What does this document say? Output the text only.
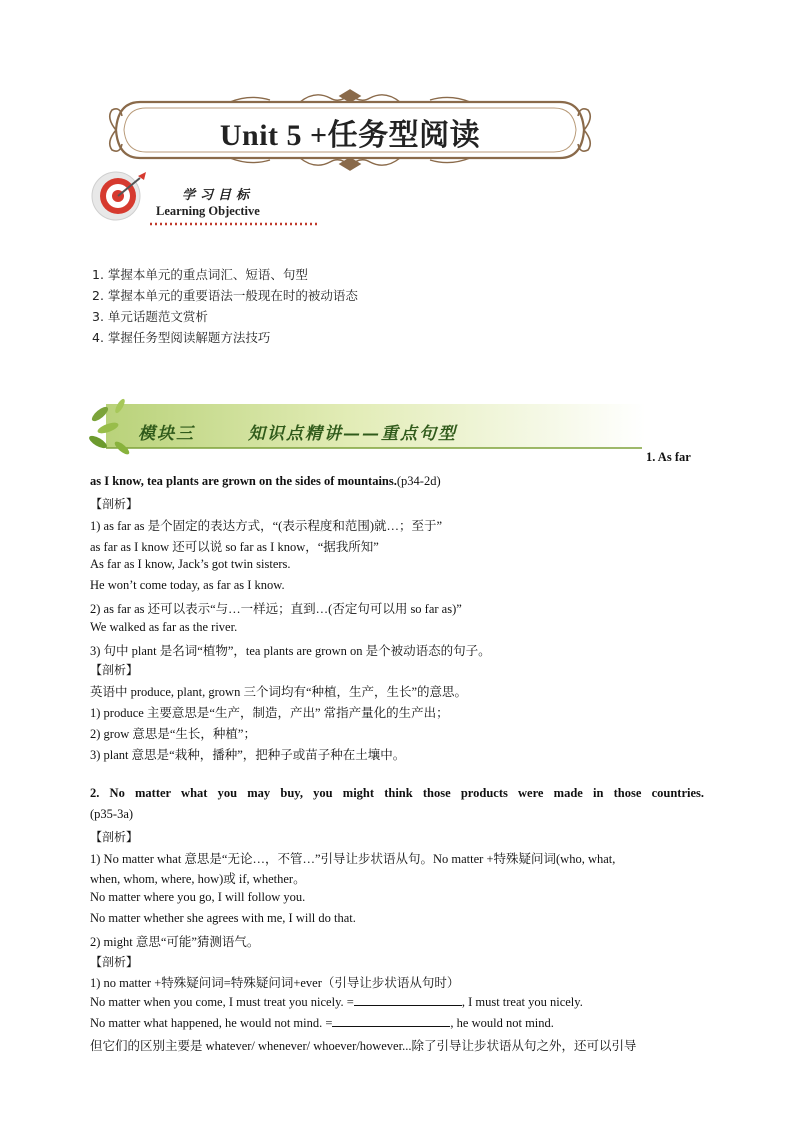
Unit 5 +任务型阅读
学习目标
Learning Objective
1. 掌握本单元的重点词汇、短语、句型
2. 掌握本单元的重要语法一般现在时的被动语态
3. 单元话题范文赏析
4. 掌握任务型阅读解题方法技巧
模块三	知识点精讲——重点句型
1. As far
as I know, tea plants are grown on the sides of mountains.(p34-2d)
【剖析】
1) as far as 是个固定的表达方式，“(表示程度和范围)就…；至于”
as far as I know 还可以说 so far as I know，“据我所知”
As far as I know, Jack’s got twin sisters.
He won’t come today, as far as I know.
2) as far as 还可以表示“与…一样远；直到…(否定句可以用 so far as)”
We walked as far as the river.
3) 句中 plant 是名词“植物”，tea plants are grown on 是个被动语态的句子。
【剖析】
英语中 produce, plant, grown 三个词均有“种植，生产，生长”的意思。
1) produce 主要意思是“生产，制造，产出” 常指产量化的生产出；
2) grow 意思是“生长，种植”；
3) plant 意思是“栽种，播种”，把种子或苗子种在土壤中。
2. No matter what you may buy, you might think those products were made in those countries.
(p35-3a)
【剖析】
1) No matter what 意思是“无论…，不管…”引导让步状语从句。No matter +特殊疑问词(who, what,
when, whom, where, how)或 if, whether。
No matter where you go, I will follow you.
No matter whether she agrees with me, I will do that.
2) might 意思“可能”猜测语气。
【剖析】
1) no matter +特殊疑问词=特殊疑问词+ever（引导让步状语从句时）
No matter when you come, I must treat you nicely. =	, I must treat you nicely.
No matter what happened, he would not mind. =	, he would not mind.
但它们的区别主要是 whatever/ whenever/ whoever/however...除了引导让步状语从句之外，还可以引导
